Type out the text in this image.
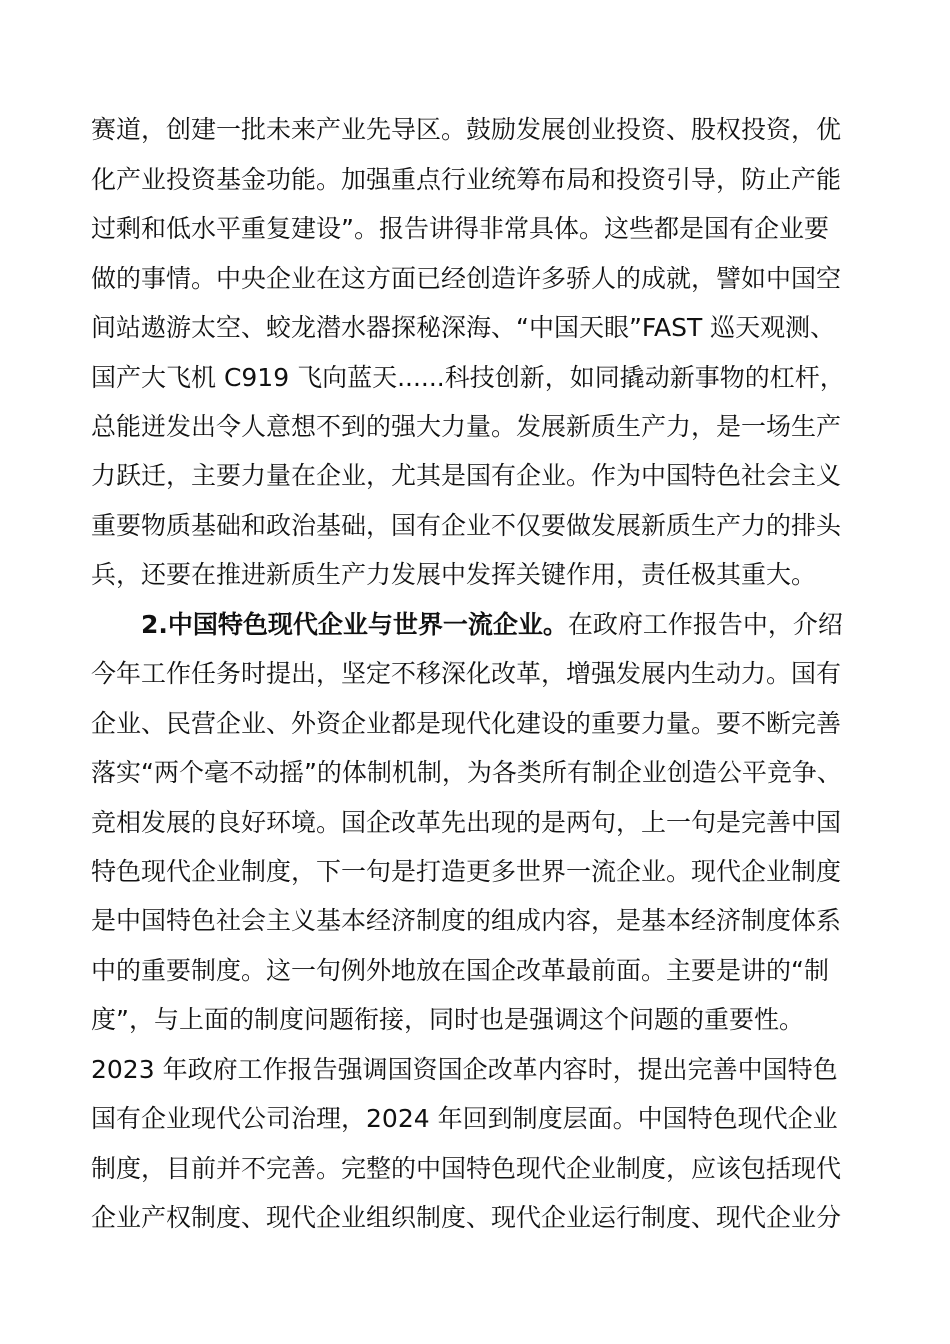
赛道，创建一批未来产业先导区。鼓励发展创业投资、股权投资，优

化产业投资基金功能。加强重点行业统筹布局和投资引导，防止产能

过剩和低水平重复建设”。报告讲得非常具体。这些都是国有企业要

做的事情。中央企业在这方面已经创造许多骄人的成就，譬如中国空

间站遨游太空、蛟龙潜水器探秘深海、“中国天眼”FAST 巡天观测、

国产大飞机 C919 飞向蓝天......科技创新，如同撬动新事物的杠杆，

总能迸发出令人意想不到的强大力量。发展新质生产力，是一场生产

力跃迁，主要力量在企业，尤其是国有企业。作为中国特色社会主义

重要物质基础和政治基础，国有企业不仅要做发展新质生产力的排头

兵，还要在推进新质生产力发展中发挥关键作用，责任极其重大。

2.中国特色现代企业与世界一流企业。在政府工作报告中，介绍

今年工作任务时提出，坚定不移深化改革，增强发展内生动力。国有

企业、民营企业、外资企业都是现代化建设的重要力量。要不断完善

落实“两个毫不动摇”的体制机制，为各类所有制企业创造公平竞争、

竞相发展的良好环境。国企改革先出现的是两句，上一句是完善中国

特色现代企业制度，下一句是打造更多世界一流企业。现代企业制度

是中国特色社会主义基本经济制度的组成内容，是基本经济制度体系

中的重要制度。这一句例外地放在国企改革最前面。主要是讲的“制

度”，与上面的制度问题衔接，同时也是强调这个问题的重要性。

2023 年政府工作报告强调国资国企改革内容时，提出完善中国特色

国有企业现代公司治理，2024 年回到制度层面。中国特色现代企业

制度，目前并不完善。完整的中国特色现代企业制度，应该包括现代

企业产权制度、现代企业组织制度、现代企业运行制度、现代企业分
